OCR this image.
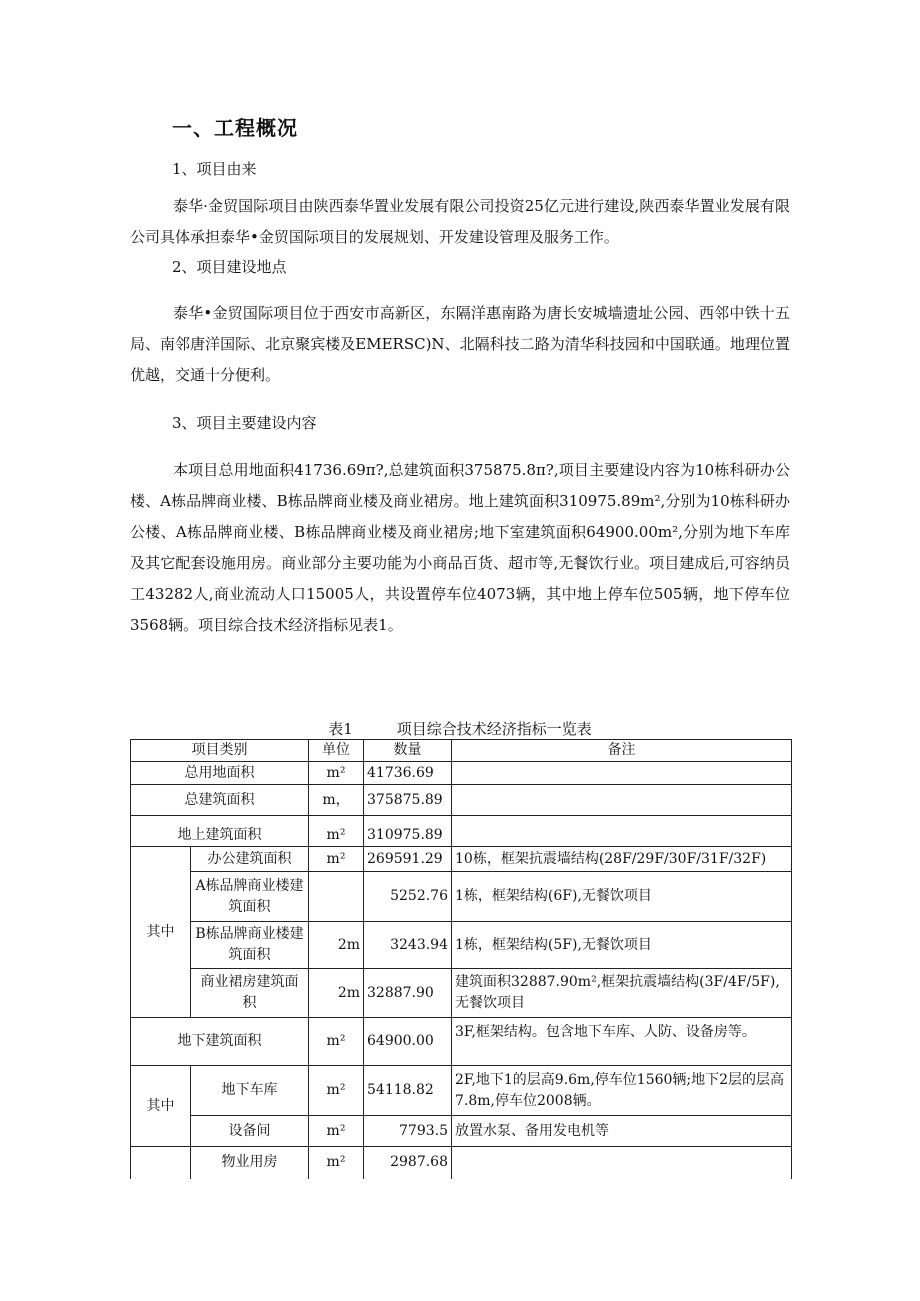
一、工程概况
1、项目由来

泰华·金贸国际项目由陕西泰华置业发展有限公司投资25亿元进行建设,陕西泰华置业发展有限公司具体承担泰华•金贸国际项目的发展规划、开发建设管理及服务工作。

2、项目建设地点

泰华•金贸国际项目位于西安市高新区，东隔洋惠南路为唐长安城墙遗址公园、西邻中铁十五局、南邻唐洋国际、北京聚宾楼及EMERSC)N、北隔科技二路为清华科技园和中国联通。地理位置优越，交通十分便利。

3、项目主要建设内容

本项目总用地面积41736.69π?,总建筑面积375875.8π?,项目主要建设内容为10栋科研办公楼、A栋品牌商业楼、B栋品牌商业楼及商业裙房。地上建筑面积310975.89m²,分别为10栋科研办公楼、A栋品牌商业楼、B栋品牌商业楼及商业裙房;地下室建筑面积64900.00m²,分别为地下车库及其它配套设施用房。商业部分主要功能为小商品百货、超市等,无餐饮行业。项目建成后,可容纳员工43282人,商业流动人口15005人，共设置停车位4073辆，其中地上停车位505辆，地下停车位3568辆。项目综合技术经济指标见表1。

表1	项目综合技术经济指标一览表
项目类别		单位	数量	备注
总用地面积		m²	41736.69	
总建筑面积		m，	375875.89	
地上建筑面积		m²	310975.89	
其中	办公建筑面积	m²	269591.29	10栋，框架抗震墙结构(28F/29F/30F/31F/32F)
	A栋品牌商业楼建筑面积		5252.76	1栋，框架结构(6F),无餐饮项目
	B栋品牌商业楼建筑面积	2m	3243.94	1栋，框架结构(5F),无餐饮项目
	商业裙房建筑面积	2m	32887.90	建筑面积32887.90m²,框架抗震墙结构(3F/4F/5F),无餐饮项目
地下建筑面积		m²	64900.00	3F,框架结构。包含地下车库、人防、设备房等。
其中	地下车库	m²	54118.82	2F,地下1的层高9.6m,停车位1560辆;地下2层的层高7.8m,停车位2008辆。
	设备间	m²	7793.5	放置水泵、备用发电机等
	物业用房	m²	2987.68	
